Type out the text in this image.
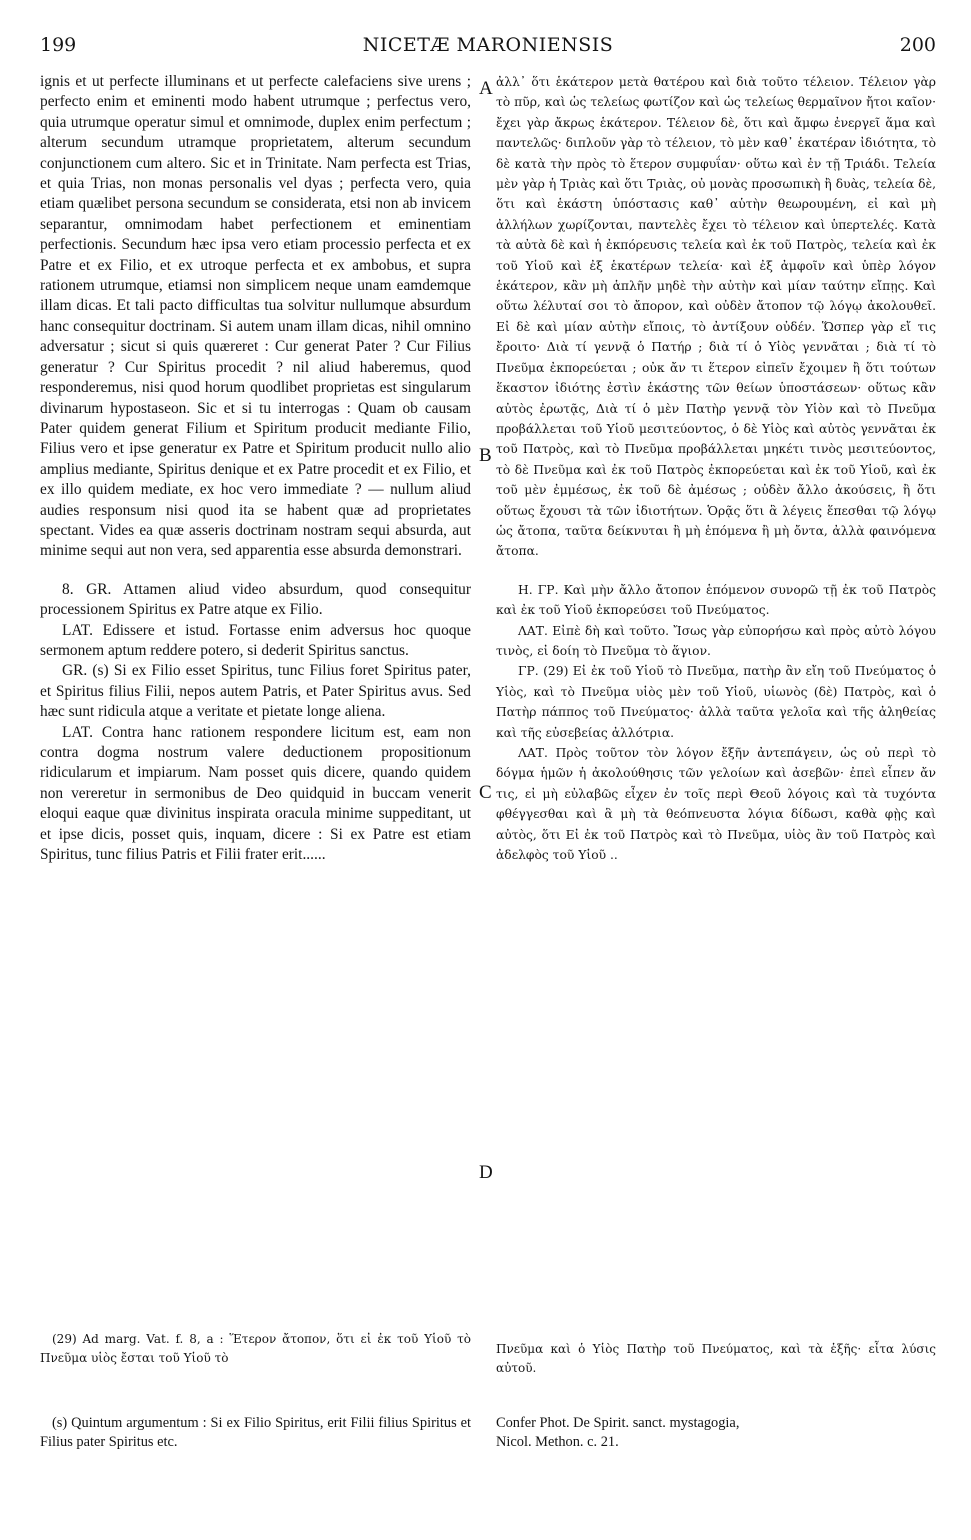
199	NICETÆ MARONIENSIS	200
A
B
C
D

ignis et ut perfecte illuminans et ut perfecte calefaciens sive urens ; perfecto enim et eminenti modo habent utrumque ; perfectus vero, quia utrumque operatur simul et omnimode, duplex enim perfectum ; alterum secundum utramque proprietatem, alterum secundum conjunctionem cum altero. Sic et in Trinitate. Nam perfecta est Trias, et quia Trias, non monas personalis vel dyas ; perfecta vero, quia etiam quælibet persona secundum se considerata, etsi non ab invicem separantur, omnimodam habet perfectionem et eminentiam perfectionis. Secundum hæc ipsa vero etiam processio perfecta et ex Patre et ex Filio, et ex utroque perfecta et ex ambobus, et supra rationem utrumque, etiamsi non simplicem neque unam eamdemque illam dicas. Et tali pacto difficultas tua solvitur nullumque absurdum hanc consequitur doctrinam. Si autem unam illam dicas, nihil omnino adversatur ; sicut si quis quæreret : Cur generat Pater ? Cur Filius generatur ? Cur Spiritus procedit ? nil aliud haberemus, quod responderemus, nisi quod horum quodlibet proprietas est singularum divinarum hypostaseon. Sic et si tu interrogas : Quam ob causam Pater quidem generat Filium et Spiritum producit mediante Filio, Filius vero et ipse generatur ex Patre et Spiritum producit nullo alio amplius mediante, Spiritus denique et ex Patre procedit et ex Filio, et ex illo quidem mediate, ex hoc vero immediate ? — nullum aliud audies responsum nisi quod ita se habent quæ ad proprietates spectant. Vides ea quæ asseris doctrinam nostram sequi absurda, aut minime sequi aut non vera, sed apparentia esse absurda demonstrari.

8. GR. Attamen aliud video absurdum, quod consequitur processionem Spiritus ex Patre atque ex Filio.

LAT. Edissere et istud. Fortasse enim adversus hoc quoque sermonem aptum reddere potero, si dederit Spiritus sanctus.

GR. (s) Si ex Filio esset Spiritus, tunc Filius foret Spiritus pater, et Spiritus filius Filii, nepos autem Patris, et Pater Spiritus avus. Sed hæc sunt ridicula atque a veritate et pietate longe aliena.

LAT. Contra hanc rationem respondere licitum est, eam non contra dogma nostrum valere deductionem propositionum ridicularum et impiarum. Nam posset quis dicere, quando quidem non vereretur in sermonibus de Deo quidquid in buccam venerit eloqui eaque quæ divinitus inspirata oracula minime suppeditant, ut et ipse dicis, posset quis, inquam, dicere : Si ex Patre est etiam Spiritus, tunc filius Patris et Filii frater erit......

ἀλλ᾽ ὅτι ἑκάτερον μετὰ θατέρου καὶ διὰ τοῦτο τέλειον. Τέλειον γὰρ τὸ πῦρ, καὶ ὡς τελείως φωτίζον καὶ ὡς τελείως θερμαῖνον ἤτοι καῖον· ἔχει γὰρ ἄκρως ἑκάτερον. Τέλειον δὲ, ὅτι καὶ ἄμφω ἐνεργεῖ ἅμα καὶ παντελῶς· διπλοῦν γὰρ τὸ τέλειον, τὸ μὲν καθ᾽ ἑκατέραν ἰδιότητα, τὸ δὲ κατὰ τὴν πρὸς τὸ ἕτερον συμφυΐαν· οὕτω καὶ ἐν τῇ Τριάδι. Τελεία μὲν γὰρ ἡ Τριὰς καὶ ὅτι Τριὰς, οὐ μονὰς προσωπικὴ ἢ δυὰς, τελεία δὲ, ὅτι καὶ ἑκάστη ὑπόστασις καθ᾽ αὑτὴν θεωρουμένη, εἰ καὶ μὴ ἀλλήλων χωρίζονται, παντελὲς ἔχει τὸ τέλειον καὶ ὑπερτελές. Κατὰ τὰ αὐτὰ δὲ καὶ ἡ ἐκπόρευσις τελεία καὶ ἐκ τοῦ Πατρὸς, τελεία καὶ ἐκ τοῦ Υἱοῦ καὶ ἐξ ἑκατέρων τελεία· καὶ ἐξ ἀμφοῖν καὶ ὑπὲρ λόγον ἑκάτερον, κἂν μὴ ἁπλῆν μηδὲ τὴν αὐτὴν καὶ μίαν ταύτην εἴπῃς. Καὶ οὕτω λέλυταί σοι τὸ ἄπορον, καὶ οὐδὲν ἄτοπον τῷ λόγῳ ἀκολουθεῖ. Εἰ δὲ καὶ μίαν αὐτὴν εἴποις, τὸ ἀντίξουν οὐδέν. Ὥσπερ γὰρ εἴ τις ἔροιτο· Διὰ τί γεννᾷ ὁ Πατήρ ; διὰ τί ὁ Υἱὸς γεννᾶται ; διὰ τί τὸ Πνεῦμα ἐκπορεύεται ; οὐκ ἄν τι ἕτερον εἰπεῖν ἔχοιμεν ἢ ὅτι τούτων ἕκαστον ἰδιότης ἐστὶν ἑκάστης τῶν θείων ὑποστάσεων· οὕτως κἂν αὐτὸς ἐρωτᾷς, Διὰ τί ὁ μὲν Πατὴρ γεννᾷ τὸν Υἱὸν καὶ τὸ Πνεῦμα προβάλλεται τοῦ Υἱοῦ μεσιτεύοντος, ὁ δὲ Υἱὸς καὶ αὐτὸς γεννᾶται ἐκ τοῦ Πατρὸς, καὶ τὸ Πνεῦμα προβάλλεται μηκέτι τινὸς μεσιτεύοντος, τὸ δὲ Πνεῦμα καὶ ἐκ τοῦ Πατρὸς ἐκπορεύεται καὶ ἐκ τοῦ Υἱοῦ, καὶ ἐκ τοῦ μὲν ἐμμέσως, ἐκ τοῦ δὲ ἀμέσως ; οὐδὲν ἄλλο ἀκούσεις, ἢ ὅτι οὕτως ἔχουσι τὰ τῶν ἰδιοτήτων. Ὁρᾷς ὅτι ἃ λέγεις ἕπεσθαι τῷ λόγῳ ὡς ἄτοπα, ταῦτα δείκνυται ἢ μὴ ἑπόμενα ἢ μὴ ὄντα, ἀλλὰ φαινόμενα ἄτοπα.

Η. ΓΡ. Καὶ μὴν ἄλλο ἄτοπον ἑπόμενον συνορῶ τῇ ἐκ τοῦ Πατρὸς καὶ ἐκ τοῦ Υἱοῦ ἐκπορεύσει τοῦ Πνεύματος.

ΛΑΤ. Εἰπὲ δὴ καὶ τοῦτο. Ἴσως γὰρ εὐπορήσω καὶ πρὸς αὐτὸ λόγου τινὸς, εἰ δοίη τὸ Πνεῦμα τὸ ἅγιον.

ΓΡ. (29) Εἰ ἐκ τοῦ Υἱοῦ τὸ Πνεῦμα, πατὴρ ἂν εἴη τοῦ Πνεύματος ὁ Υἱὸς, καὶ τὸ Πνεῦμα υἱὸς μὲν τοῦ Υἱοῦ, υἱωνὸς (δὲ) Πατρὸς, καὶ ὁ Πατὴρ πάππος τοῦ Πνεύματος· ἀλλὰ ταῦτα γελοῖα καὶ τῆς ἀληθείας καὶ τῆς εὐσεβείας ἀλλότρια.

ΛΑΤ. Πρὸς τοῦτον τὸν λόγον ἔξῆν ἀντεπάγειν, ὡς οὐ περὶ τὸ δόγμα ἡμῶν ἡ ἀκολούθησις τῶν γελοίων καὶ ἀσεβῶν· ἐπεὶ εἶπεν ἄν τις, εἰ μὴ εὐλαβῶς εἶχεν ἐν τοῖς περὶ Θεοῦ λόγοις καὶ τὰ τυχόντα φθέγγεσθαι καὶ ἃ μὴ τὰ θεόπνευστα λόγια δίδωσι, καθὰ φῂς καὶ αὐτὸς, ὅτι Εἰ ἐκ τοῦ Πατρὸς καὶ τὸ Πνεῦμα, υἱὸς ἂν τοῦ Πατρὸς καὶ ἀδελφὸς τοῦ Υἱοῦ ..

(29) Ad marg. Vat. f. 8, a : Ἕτερον ἄτοπον, ὅτι εἰ ἐκ τοῦ Υἱοῦ τὸ Πνεῦμα υἱὸς ἔσται τοῦ Υἱοῦ τὸ

Πνεῦμα καὶ ὁ Υἱὸς Πατὴρ τοῦ Πνεύματος, καὶ τὰ ἑξῆς· εἶτα λύσις αὐτοῦ.

(s) Quintum argumentum : Si ex Filio Spiritus, erit Filii filius Spiritus et Filius pater Spiritus etc.

Confer Phot. De Spirit. sanct. mystagogia,

Nicol. Methon. c. 21.
